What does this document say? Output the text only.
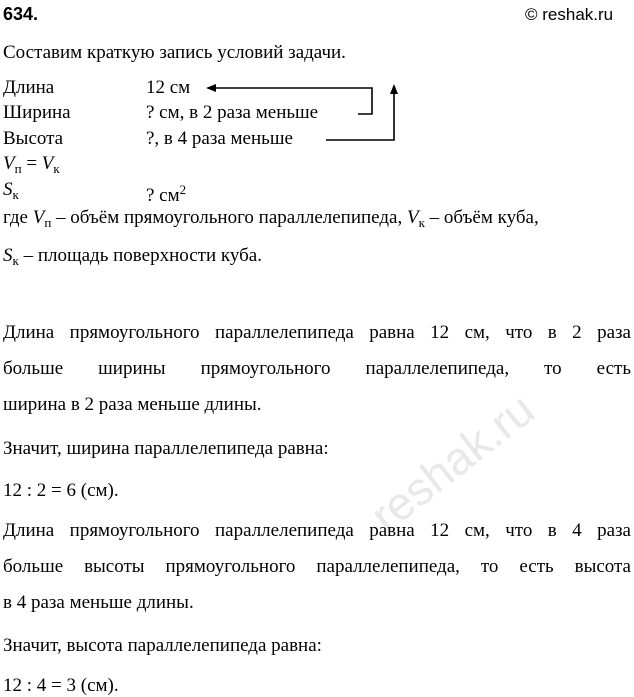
reshak.ru
634.	© reshak.ru
Составим краткую запись условий задачи.
Длина	12 см
Ширина	? см, в 2 раза меньше
Высота	?, в 4 раза меньше
$V_п = V_к$
$S_к$	? $см^2$
где $V_п$ – объём прямоугольного параллелепипеда, $V_к$ – объём куба,
$S_к$ – площадь поверхности куба.
Длина прямоугольного параллелепипеда равна 12 см, что в 2 раза
больше ширины прямоугольного параллелепипеда, то есть
ширина в 2 раза меньше длины.
Значит, ширина параллелепипеда равна:
12 : 2 = 6 (см).
Длина прямоугольного параллелепипеда равна 12 см, что в 4 раза
больше высоты прямоугольного параллелепипеда, то есть высота
в 4 раза меньше длины.
Значит, высота параллелепипеда равна:
12 : 4 = 3 (см).
